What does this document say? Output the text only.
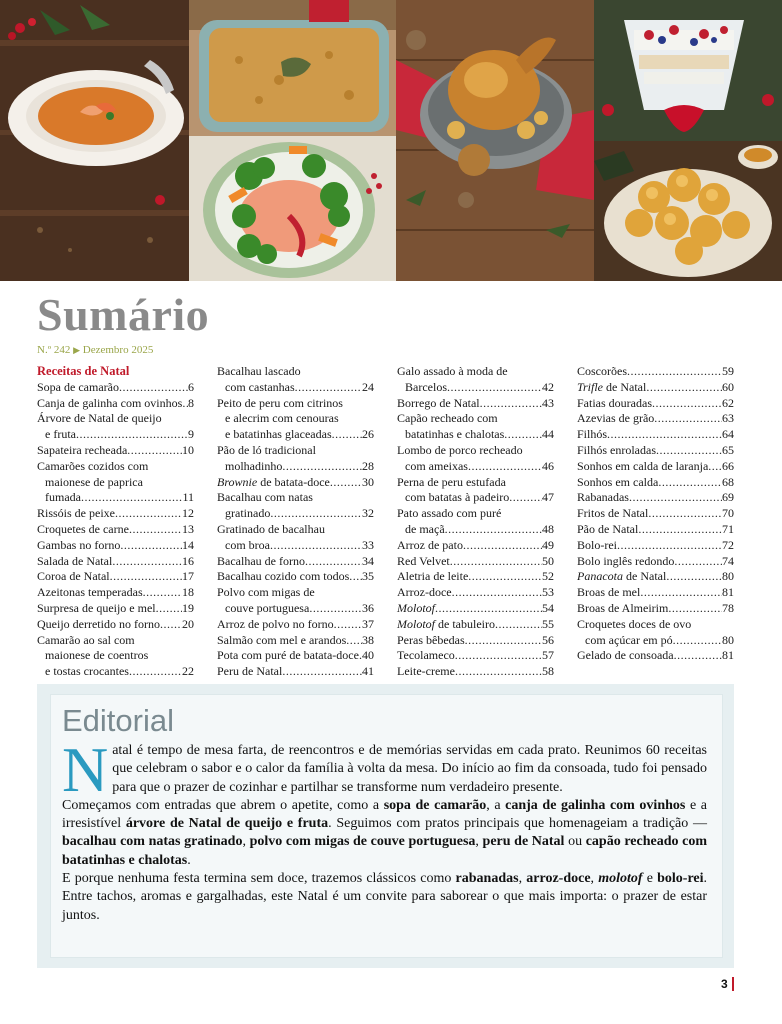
Sumário
N.º 242 ▶ Dezembro 2025
Receitas de Natal
Sopa de camarão .....	6
Canja de galinha com ovinhos ..... 8
Árvore de Natal de queijo
e fruta .....	9
Sapateira recheada .....	10
Camarões cozidos com
maionese de paprica
fumada .....	11
Rissóis de peixe .....	12
Croquetes de carne .....	13
Gambas no forno .....	14
Salada de Natal .....	16
Coroa de Natal .....	17
Azeitonas temperadas .....	18
Surpresa de queijo e mel ..... 19
Queijo derretido no forno ..... 20
Camarão ao sal com
maionese de coentros
e tostas crocantes .....	22
Bacalhau lascado
com castanhas .....	24
Peito de peru com citrinos
e alecrim com cenouras
e batatinhas glaceadas .....	26
Pão de ló tradicional
molhadinho .....	28
Brownie de batata-doce .....	30
Bacalhau com natas
gratinado .....	32
Gratinado de bacalhau
com broa .....	33
Bacalhau de forno .....	34
Bacalhau cozido com todos ..... 35
Polvo com migas de
couve portuguesa .....	36
Arroz de polvo no forno ..... 37
Salmão com mel e arandos ..... 38
Pota com puré de batata-doce ..... 40
Peru de Natal .....	41
Galo assado à moda de
Barcelos .....	42
Borrego de Natal .....	43
Capão recheado com
batatinhas e chalotas .....	44
Lombo de porco recheado
com ameixas .....	46
Perna de peru estufada
com batatas à padeiro .....	47
Pato assado com puré
de maçã .....	48
Arroz de pato .....	49
Red Velvet .....	50
Aletria de leite .....	52
Arroz-doce .....	53
Molotof .....	54
Molotof de tabuleiro .....	55
Peras bêbedas .....	56
Tecolameco .....	57
Leite-creme .....	58
Coscorões .....	59
Trifle de Natal .....	60
Fatias douradas .....	62
Azevias de grão .....	63
Filhós .....	64
Filhós enroladas .....	65
Sonhos em calda de laranja ..... 66
Sonhos em calda .....	68
Rabanadas .....	69
Fritos de Natal .....	70
Pão de Natal .....	71
Bolo-rei .....	72
Bolo inglês redondo .....	74
Panacota de Natal .....	80
Broas de mel .....	81
Broas de Almeirim .....	78
Croquetes doces de ovo
com açúcar em pó .....	80
Gelado de consoada .....	81
Editorial
N atal é tempo de mesa farta, de reencontros e de memórias servidas em cada prato. Reunimos 60 receitas que celebram o sabor e o calor da família à volta da mesa. Do início ao fim da consoada, tudo foi pensado para que o prazer de cozinhar e partilhar se transforme num verdadeiro presente.

Começamos com entradas que abrem o apetite, como a sopa de camarão, a canja de galinha com ovinhos e a irresistível árvore de Natal de queijo e fruta. Seguimos com pratos principais que homenageiam a tradição — bacalhau com natas gratinado, polvo com migas de couve portuguesa, peru de Natal ou capão recheado com batatinhas e chalotas.

E porque nenhuma festa termina sem doce, trazemos clássicos como rabanadas, arroz-doce, molotof e bolo-rei. Entre tachos, aromas e gargalhadas, este Natal é um convite para saborear o que mais importa: o prazer de estar juntos.

3
